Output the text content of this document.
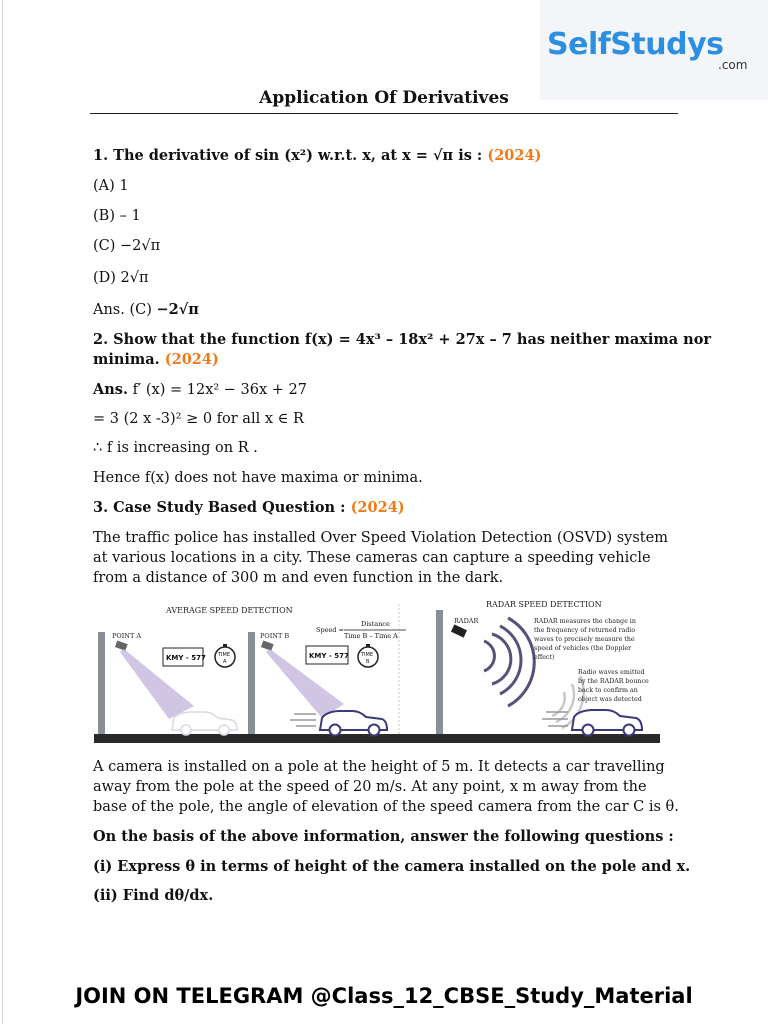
SelfStudys
.com
Application Of Derivatives
1. The derivative of sin (x²) w.r.t. x, at x = √π is : (2024)
(A) 1
(B) – 1
(C) −2√π
(D) 2√π
Ans. (C) −2√π
2. Show that the function f(x) = 4x³ – 18x² + 27x – 7 has neither maxima nor
minima. (2024)
Ans. f′ (x) = 12x² − 36x + 27
= 3 (2 x -3)² ≥ 0 for all x ∈ R
∴ f is increasing on R .
Hence f(x) does not have maxima or minima.
3. Case Study Based Question : (2024)
The traffic police has installed Over Speed Violation Detection (OSVD) system at various locations in a city. These cameras can capture a speeding vehicle from a distance of 300 m and even function in the dark.
AVERAGE SPEED DETECTION
RADAR SPEED DETECTION
POINT A
KMY - 577 TIME
A
POINT B
KMY - 577 TIME
B
Speed =
Distance
Time B – Time A
RADAR	RADAR measures the change in
the frequency of returned radio
waves to precisely measure the
speed of vehicles (the Doppler
effect)
Radio waves emitted
by the RADAR bounce
back to confirm an
object was detected
A camera is installed on a pole at the height of 5 m. It detects a car travelling away from the pole at the speed of 20 m/s. At any point, x m away from the base of the pole, the angle of elevation of the speed camera from the car C is θ.
On the basis of the above information, answer the following questions :
(i) Express θ in terms of height of the camera installed on the pole and x.
(ii) Find dθ/dx.
JOIN ON TELEGRAM @Class_12_CBSE_Study_Material
